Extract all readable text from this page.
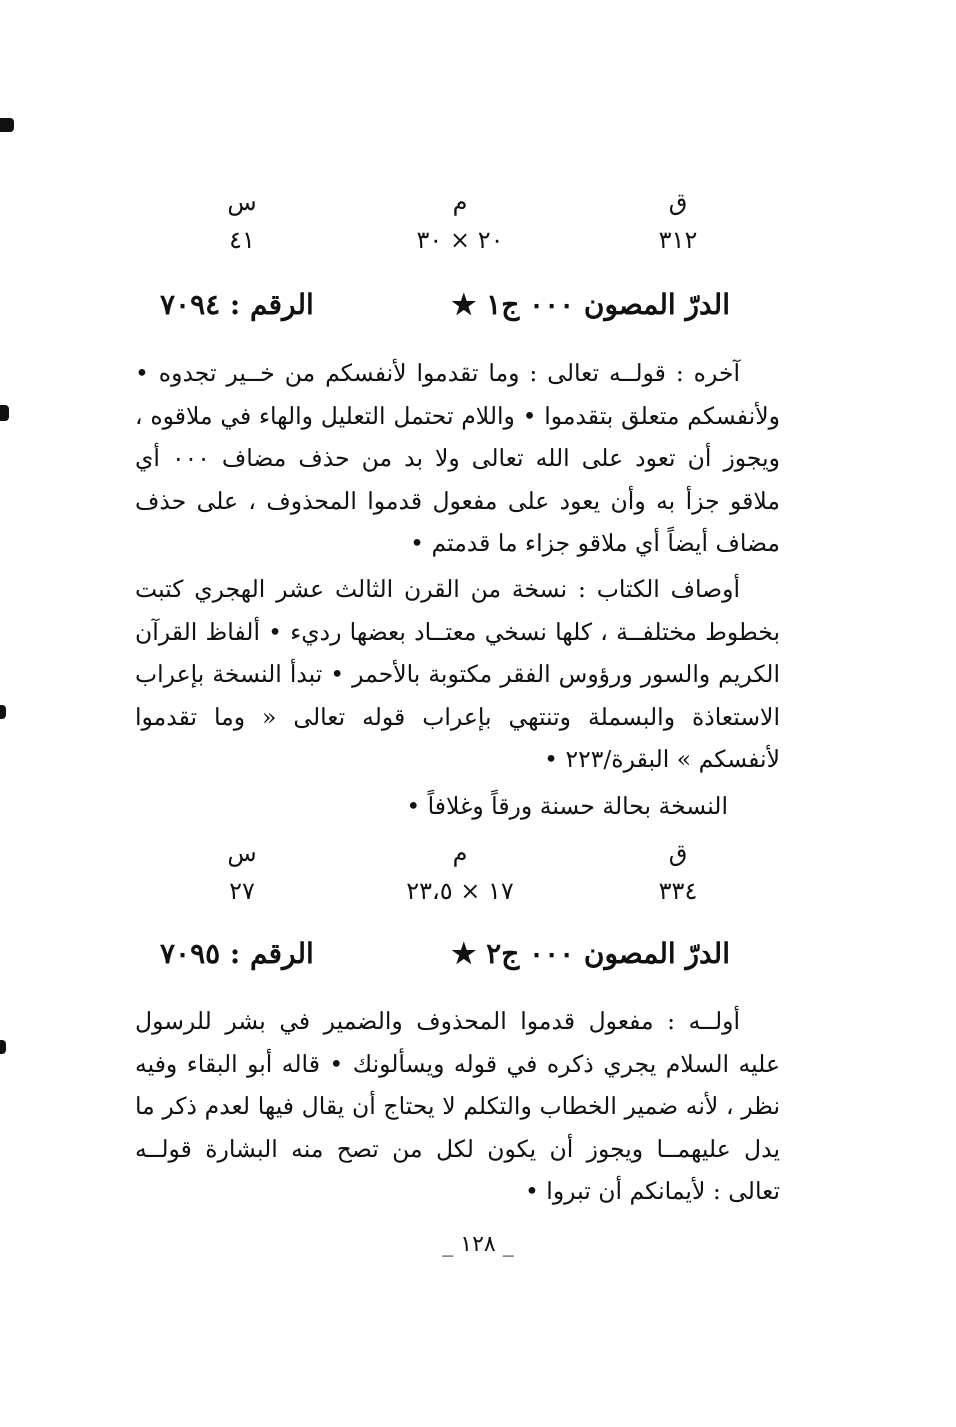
ق
م
س
٣١٢
٢٠ × ٣٠
٤١
الدرّ المصون ٠٠٠ ج١ ★
الرقم : ٧٠٩٤

آخره : قولــه تعالى : وما تقدموا لأنفسكم من خــير تجدوه • ولأنفسكم متعلق بتقدموا • واللام تحتمل التعليل والهاء في ملاقوه ، ويجوز أن تعود على الله تعالى ولا بد من حذف مضاف ٠٠٠ أي ملاقو جزأ به وأن يعود على مفعول قدموا المحذوف ، على حذف مضاف أيضاً أي ملاقو جزاء ما قدمتم •

أوصاف الكتاب : نسخة من القرن الثالث عشر الهجري كتبت بخطوط مختلفــة ، كلها نسخي معتــاد بعضها رديء • ألفاظ القرآن الكريم والسور ورؤوس الفقر مكتوبة بالأحمر • تبدأ النسخة بإعراب الاستعاذة والبسملة وتنتهي بإعراب قوله تعالى « وما تقدموا لأنفسكم » البقرة/٢٢٣ •

النسخة بحالة حسنة ورقاً وغلافاً •

ق
م
س
٣٣٤
١٧ × ٢٣،٥
٢٧
الدرّ المصون ٠٠٠ ج٢ ★
الرقم : ٧٠٩٥

أولــه : مفعول قدموا المحذوف والضمير في بشر للرسول عليه السلام يجري ذكره في قوله ويسألونك • قاله أبو البقاء وفيه نظر ، لأنه ضمير الخطاب والتكلم لا يحتاج أن يقال فيها لعدم ذكر ما يدل عليهمــا ويجوز أن يكون لكل من تصح منه البشارة قولــه تعالى : لأيمانكم أن تبروا •

_ ١٢٨ _
